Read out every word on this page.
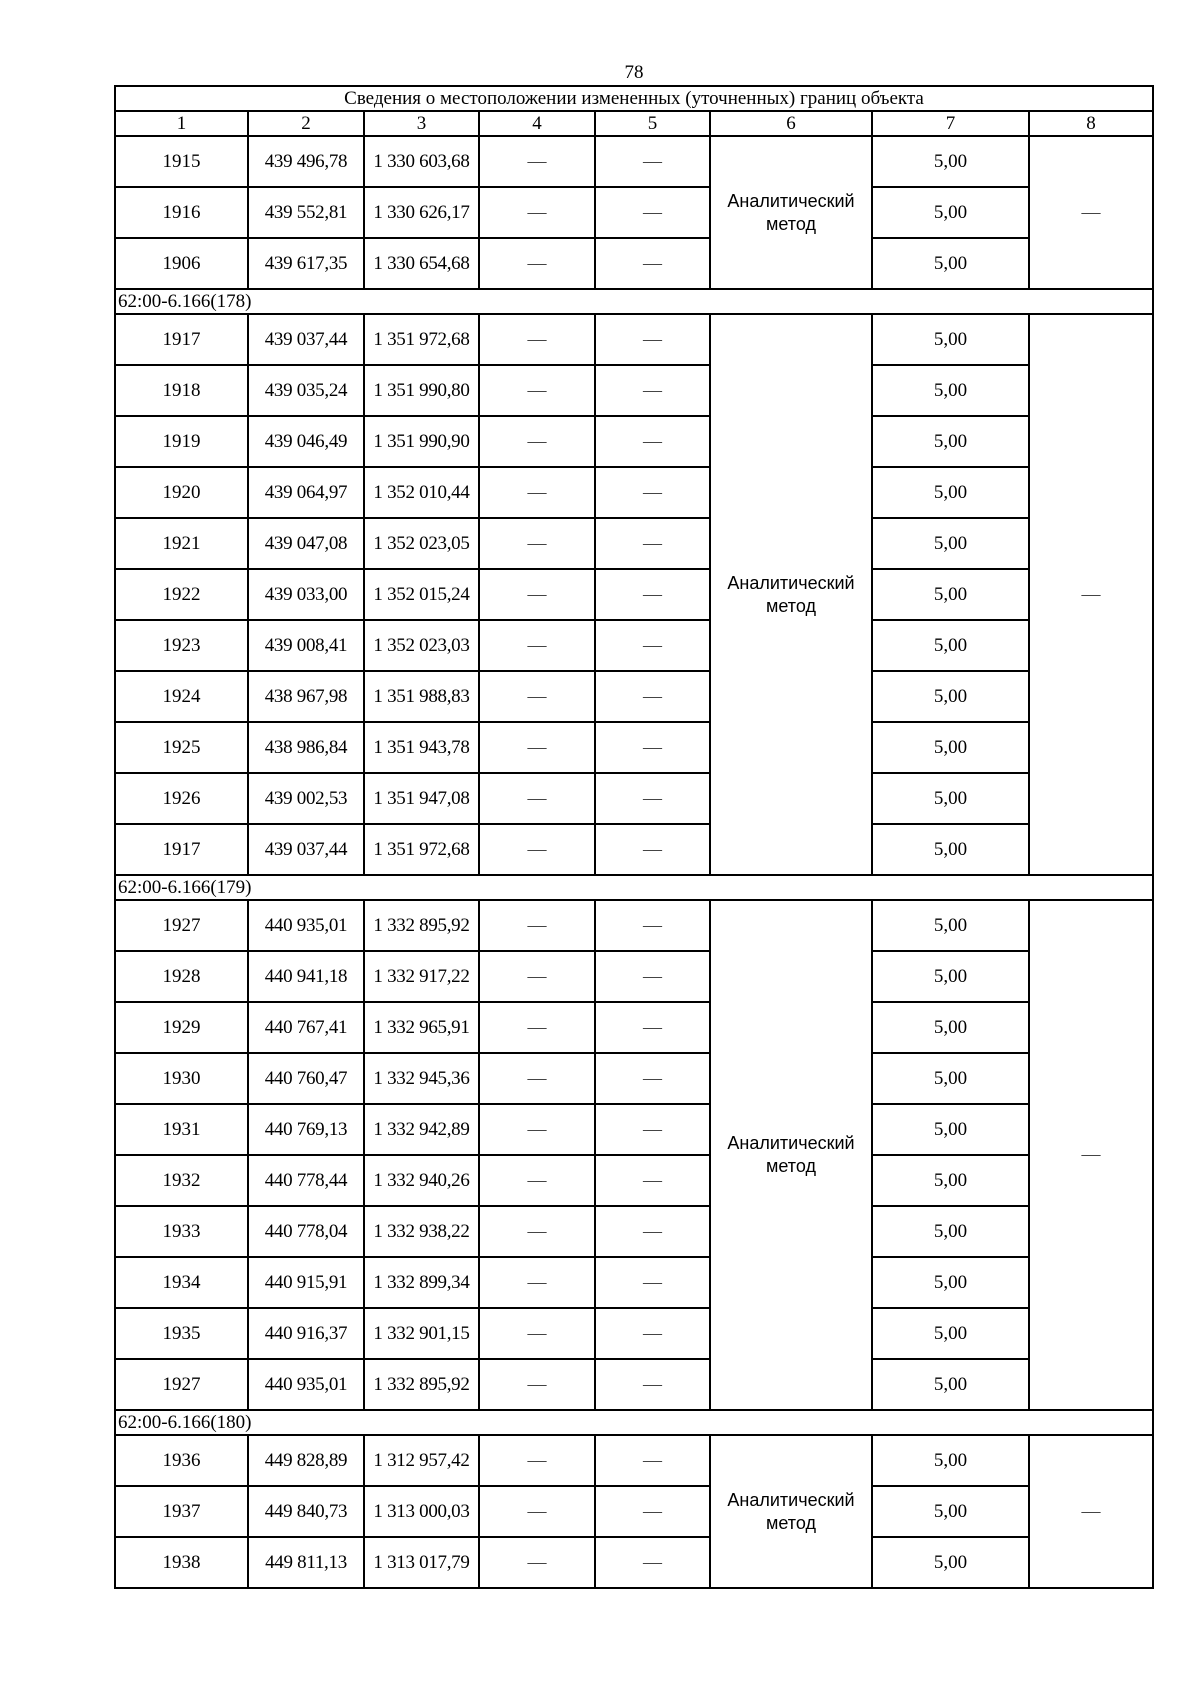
78
Сведения о местоположении измененных (уточненных) границ объекта							
1	2	3	4	5	6	7	8
1915	439 496,78	1 330 603,68	—	—	Аналитический метод	5,00	—
1916	439 552,81	1 330 626,17	—	—		5,00	
1906	439 617,35	1 330 654,68	—	—		5,00	
62:00-6.166(178)							
1917	439 037,44	1 351 972,68	—	—	Аналитический метод	5,00	—
1918	439 035,24	1 351 990,80	—	—		5,00	
1919	439 046,49	1 351 990,90	—	—		5,00	
1920	439 064,97	1 352 010,44	—	—		5,00	
1921	439 047,08	1 352 023,05	—	—		5,00	
1922	439 033,00	1 352 015,24	—	—		5,00	
1923	439 008,41	1 352 023,03	—	—		5,00	
1924	438 967,98	1 351 988,83	—	—		5,00	
1925	438 986,84	1 351 943,78	—	—		5,00	
1926	439 002,53	1 351 947,08	—	—		5,00	
1917	439 037,44	1 351 972,68	—	—		5,00	
62:00-6.166(179)							
1927	440 935,01	1 332 895,92	—	—	Аналитический метод	5,00	—
1928	440 941,18	1 332 917,22	—	—		5,00	
1929	440 767,41	1 332 965,91	—	—		5,00	
1930	440 760,47	1 332 945,36	—	—		5,00	
1931	440 769,13	1 332 942,89	—	—		5,00	
1932	440 778,44	1 332 940,26	—	—		5,00	
1933	440 778,04	1 332 938,22	—	—		5,00	
1934	440 915,91	1 332 899,34	—	—		5,00	
1935	440 916,37	1 332 901,15	—	—		5,00	
1927	440 935,01	1 332 895,92	—	—		5,00	
62:00-6.166(180)							
1936	449 828,89	1 312 957,42	—	—	Аналитический метод	5,00	—
1937	449 840,73	1 313 000,03	—	—		5,00	
1938	449 811,13	1 313 017,79	—	—		5,00	
